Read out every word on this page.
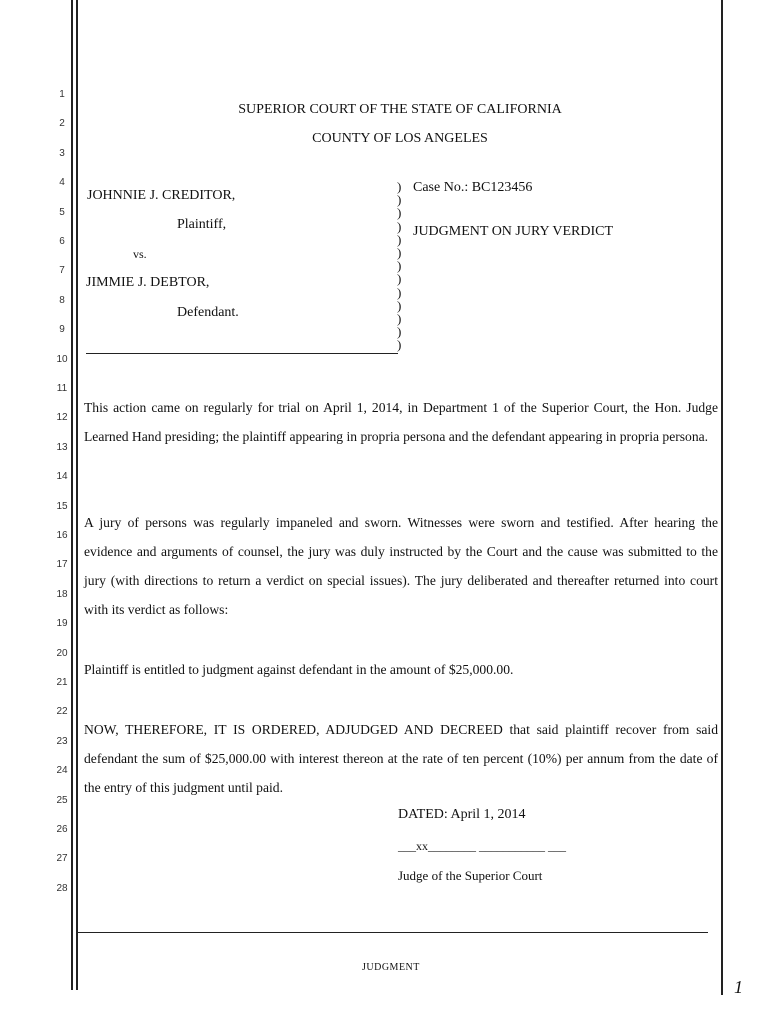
1
2
3
4
5
6
7
8
9
10
11
12
13
14
15
16
17
18
19
20
21
22
23
24
25
26
27
28
SUPERIOR COURT OF THE STATE OF CALIFORNIA
COUNTY OF LOS ANGELES
JOHNNIE J. CREDITOR,
Plaintiff,
vs.
JIMMIE J. DEBTOR,
Defendant.
)
)
)
)
)
)
)
)
)
)
)
)
)
Case No.: BC123456
JUDGMENT ON JURY VERDICT
This action came on regularly for trial on April 1, 2014, in Department 1 of the Superior Court, the Hon. Judge Learned Hand presiding; the plaintiff appearing in propria persona and the defendant appearing in propria persona.
A jury of persons was regularly impaneled and sworn. Witnesses were sworn and testified. After hearing the evidence and arguments of counsel, the jury was duly instructed by the Court and the cause was submitted to the jury (with directions to return a verdict on special issues). The jury deliberated and thereafter returned into court with its verdict as follows:
Plaintiff is entitled to judgment against defendant in the amount of $25,000.00.
NOW, THEREFORE, IT IS ORDERED, ADJUDGED AND DECREED that said plaintiff recover from said defendant the sum of $25,000.00 with interest thereon at the rate of ten percent (10%) per annum from the date of the entry of this judgment until paid.
DATED: April 1, 2014
___xx________ ___________ ___
Judge of the Superior Court
JUDGMENT
1
